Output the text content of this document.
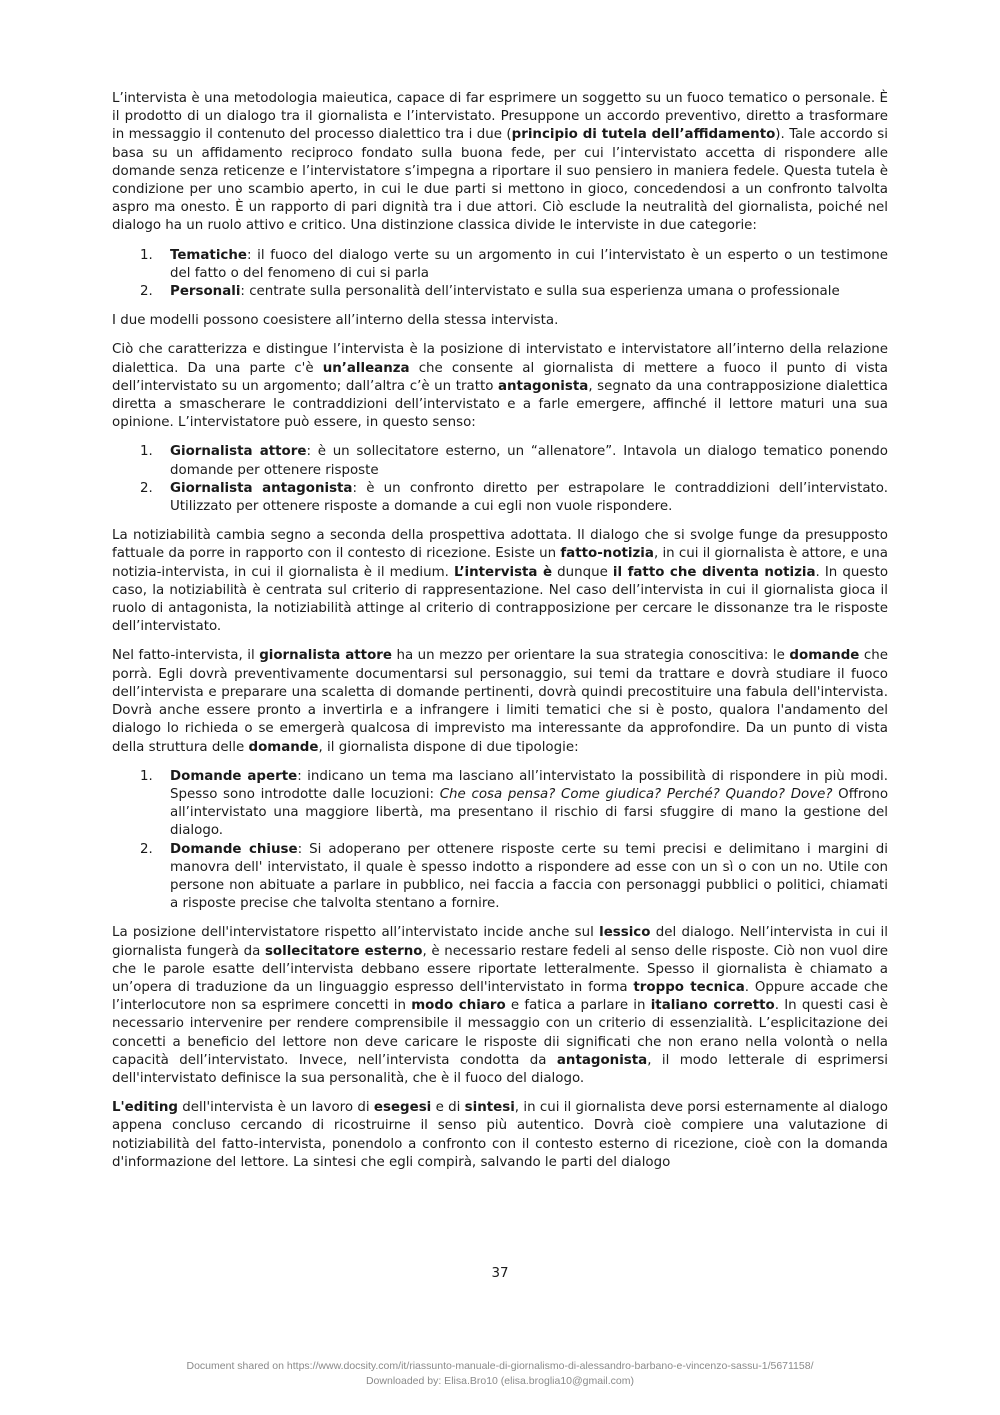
L’intervista è una metodologia maieutica, capace di far esprimere un soggetto su un fuoco tematico o personale. È il prodotto di un dialogo tra il giornalista e l’intervistato. Presuppone un accordo preventivo, diretto a trasformare in messaggio il contenuto del processo dialettico tra i due (principio di tutela dell’affidamento). Tale accordo si basa su un affidamento reciproco fondato sulla buona fede, per cui l’intervistato accetta di rispondere alle domande senza reticenze e l’intervistatore s’impegna a riportare il suo pensiero in maniera fedele. Questa tutela è condizione per uno scambio aperto, in cui le due parti si mettono in gioco, concedendosi a un confronto talvolta aspro ma onesto. È un rapporto di pari dignità tra i due attori. Ciò esclude la neutralità del giornalista, poiché nel dialogo ha un ruolo attivo e critico. Una distinzione classica divide le interviste in due categorie:

1. Tematiche: il fuoco del dialogo verte su un argomento in cui l’intervistato è un esperto o un testimone del fatto o del fenomeno di cui si parla
2. Personali: centrate sulla personalità dell’intervistato e sulla sua esperienza umana o professionale

I due modelli possono coesistere all’interno della stessa intervista.

Ciò che caratterizza e distingue l’intervista è la posizione di intervistato e intervistatore all’interno della relazione dialettica. Da una parte c'è un’alleanza che consente al giornalista di mettere a fuoco il punto di vista dell’intervistato su un argomento; dall’altra c’è un tratto antagonista, segnato da una contrapposizione dialettica diretta a smascherare le contraddizioni dell’intervistato e a farle emergere, affinché il lettore maturi una sua opinione. L’intervistatore può essere, in questo senso:

1. Giornalista attore: è un sollecitatore esterno, un “allenatore”. Intavola un dialogo tematico ponendo domande per ottenere risposte
2. Giornalista antagonista: è un confronto diretto per estrapolare le contraddizioni dell’intervistato. Utilizzato per ottenere risposte a domande a cui egli non vuole rispondere.

La notiziabilità cambia segno a seconda della prospettiva adottata. Il dialogo che si svolge funge da presupposto fattuale da porre in rapporto con il contesto di ricezione. Esiste un fatto-notizia, in cui il giornalista è attore, e una notizia-intervista, in cui il giornalista è il medium. L’intervista è dunque il fatto che diventa notizia. In questo caso, la notiziabilità è centrata sul criterio di rappresentazione. Nel caso dell’intervista in cui il giornalista gioca il ruolo di antagonista, la notiziabilità attinge al criterio di contrapposizione per cercare le dissonanze tra le risposte dell’intervistato.

Nel fatto-intervista, il giornalista attore ha un mezzo per orientare la sua strategia conoscitiva: le domande che porrà. Egli dovrà preventivamente documentarsi sul personaggio, sui temi da trattare e dovrà studiare il fuoco dell’intervista e preparare una scaletta di domande pertinenti, dovrà quindi precostituire una fabula dell'intervista. Dovrà anche essere pronto a invertirla e a infrangere i limiti tematici che si è posto, qualora l'andamento del dialogo lo richieda o se emergerà qualcosa di imprevisto ma interessante da approfondire. Da un punto di vista della struttura delle domande, il giornalista dispone di due tipologie:

1. Domande aperte: indicano un tema ma lasciano all’intervistato la possibilità di rispondere in più modi. Spesso sono introdotte dalle locuzioni: Che cosa pensa? Come giudica? Perché? Quando? Dove? Offrono all’intervistato una maggiore libertà, ma presentano il rischio di farsi sfuggire di mano la gestione del dialogo.
2. Domande chiuse: Si adoperano per ottenere risposte certe su temi precisi e delimitano i margini di manovra dell' intervistato, il quale è spesso indotto a rispondere ad esse con un sì o con un no. Utile con persone non abituate a parlare in pubblico, nei faccia a faccia con personaggi pubblici o politici, chiamati a risposte precise che talvolta stentano a fornire.

La posizione dell'intervistatore rispetto all’intervistato incide anche sul lessico del dialogo. Nell’intervista in cui il giornalista fungerà da sollecitatore esterno, è necessario restare fedeli al senso delle risposte. Ciò non vuol dire che le parole esatte dell’intervista debbano essere riportate letteralmente. Spesso il giornalista è chiamato a un’opera di traduzione da un linguaggio espresso dell'intervistato in forma troppo tecnica. Oppure accade che l’interlocutore non sa esprimere concetti in modo chiaro e fatica a parlare in italiano corretto. In questi casi è necessario intervenire per rendere comprensibile il messaggio con un criterio di essenzialità. L’esplicitazione dei concetti a beneficio del lettore non deve caricare le risposte dii significati che non erano nella volontà o nella capacità dell’intervistato. Invece, nell’intervista condotta da antagonista, il modo letterale di esprimersi dell'intervistato definisce la sua personalità, che è il fuoco del dialogo.

L'editing dell'intervista è un lavoro di esegesi e di sintesi, in cui il giornalista deve porsi esternamente al dialogo appena concluso cercando di ricostruirne il senso più autentico. Dovrà cioè compiere una valutazione di notiziabilità del fatto-intervista, ponendolo a confronto con il contesto esterno di ricezione, cioè con la domanda d'informazione del lettore. La sintesi che egli compirà, salvando le parti del dialogo

37
Document shared on https://www.docsity.com/it/riassunto-manuale-di-giornalismo-di-alessandro-barbano-e-vincenzo-sassu-1/5671158/
Downloaded by: Elisa.Bro10 (elisa.broglia10@gmail.com)
